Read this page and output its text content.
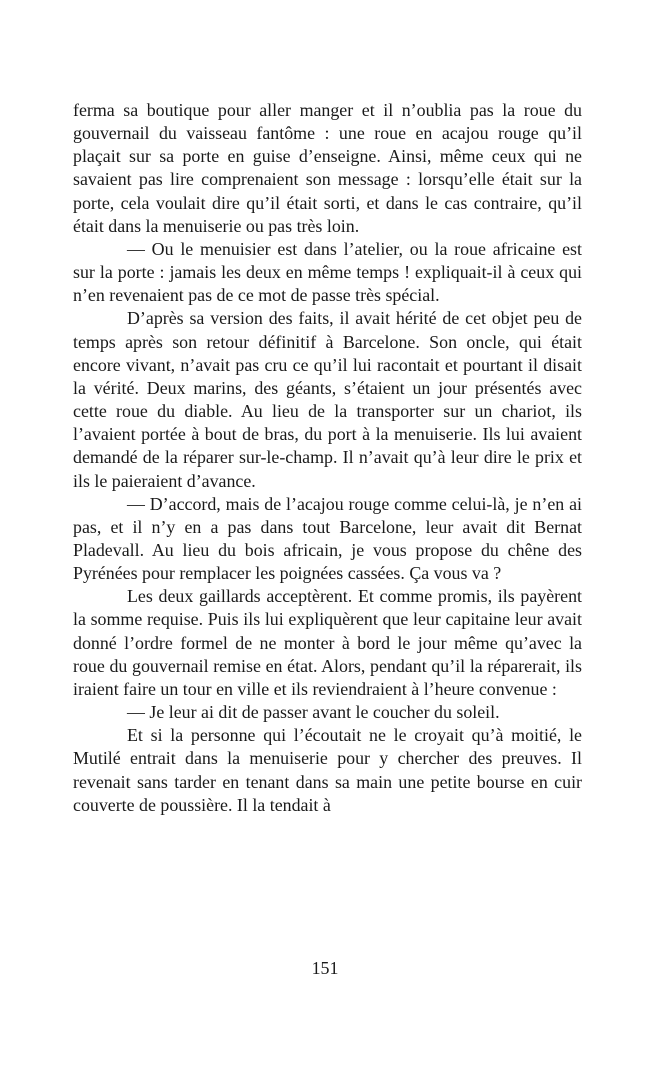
ferma sa boutique pour aller manger et il n’oublia pas la roue du gouvernail du vaisseau fantôme : une roue en acajou rouge qu’il plaçait sur sa porte en guise d’enseigne. Ainsi, même ceux qui ne savaient pas lire comprenaient son message : lorsqu’elle était sur la porte, cela voulait dire qu’il était sorti, et dans le cas contraire, qu’il était dans la menuiserie ou pas très loin.

— Ou le menuisier est dans l’atelier, ou la roue africaine est sur la porte : jamais les deux en même temps ! expliquait-il à ceux qui n’en revenaient pas de ce mot de passe très spécial.

D’après sa version des faits, il avait hérité de cet objet peu de temps après son retour définitif à Barcelone. Son oncle, qui était encore vivant, n’avait pas cru ce qu’il lui racontait et pourtant il disait la vérité. Deux marins, des géants, s’étaient un jour présentés avec cette roue du diable. Au lieu de la transporter sur un chariot, ils l’avaient portée à bout de bras, du port à la menuiserie. Ils lui avaient demandé de la réparer sur-le-champ. Il n’avait qu’à leur dire le prix et ils le paieraient d’avance.

— D’accord, mais de l’acajou rouge comme celui-là, je n’en ai pas, et il n’y en a pas dans tout Barcelone, leur avait dit Bernat Pladevall. Au lieu du bois africain, je vous propose du chêne des Pyrénées pour remplacer les poignées cassées. Ça vous va ?

Les deux gaillards acceptèrent. Et comme promis, ils payèrent la somme requise. Puis ils lui expliquèrent que leur capitaine leur avait donné l’ordre formel de ne monter à bord le jour même qu’avec la roue du gouvernail remise en état. Alors, pendant qu’il la réparerait, ils iraient faire un tour en ville et ils reviendraient à l’heure convenue :

— Je leur ai dit de passer avant le coucher du soleil.

Et si la personne qui l’écoutait ne le croyait qu’à moitié, le Mutilé entrait dans la menuiserie pour y chercher des preuves. Il revenait sans tarder en tenant dans sa main une petite bourse en cuir couverte de poussière. Il la tendait à

151
